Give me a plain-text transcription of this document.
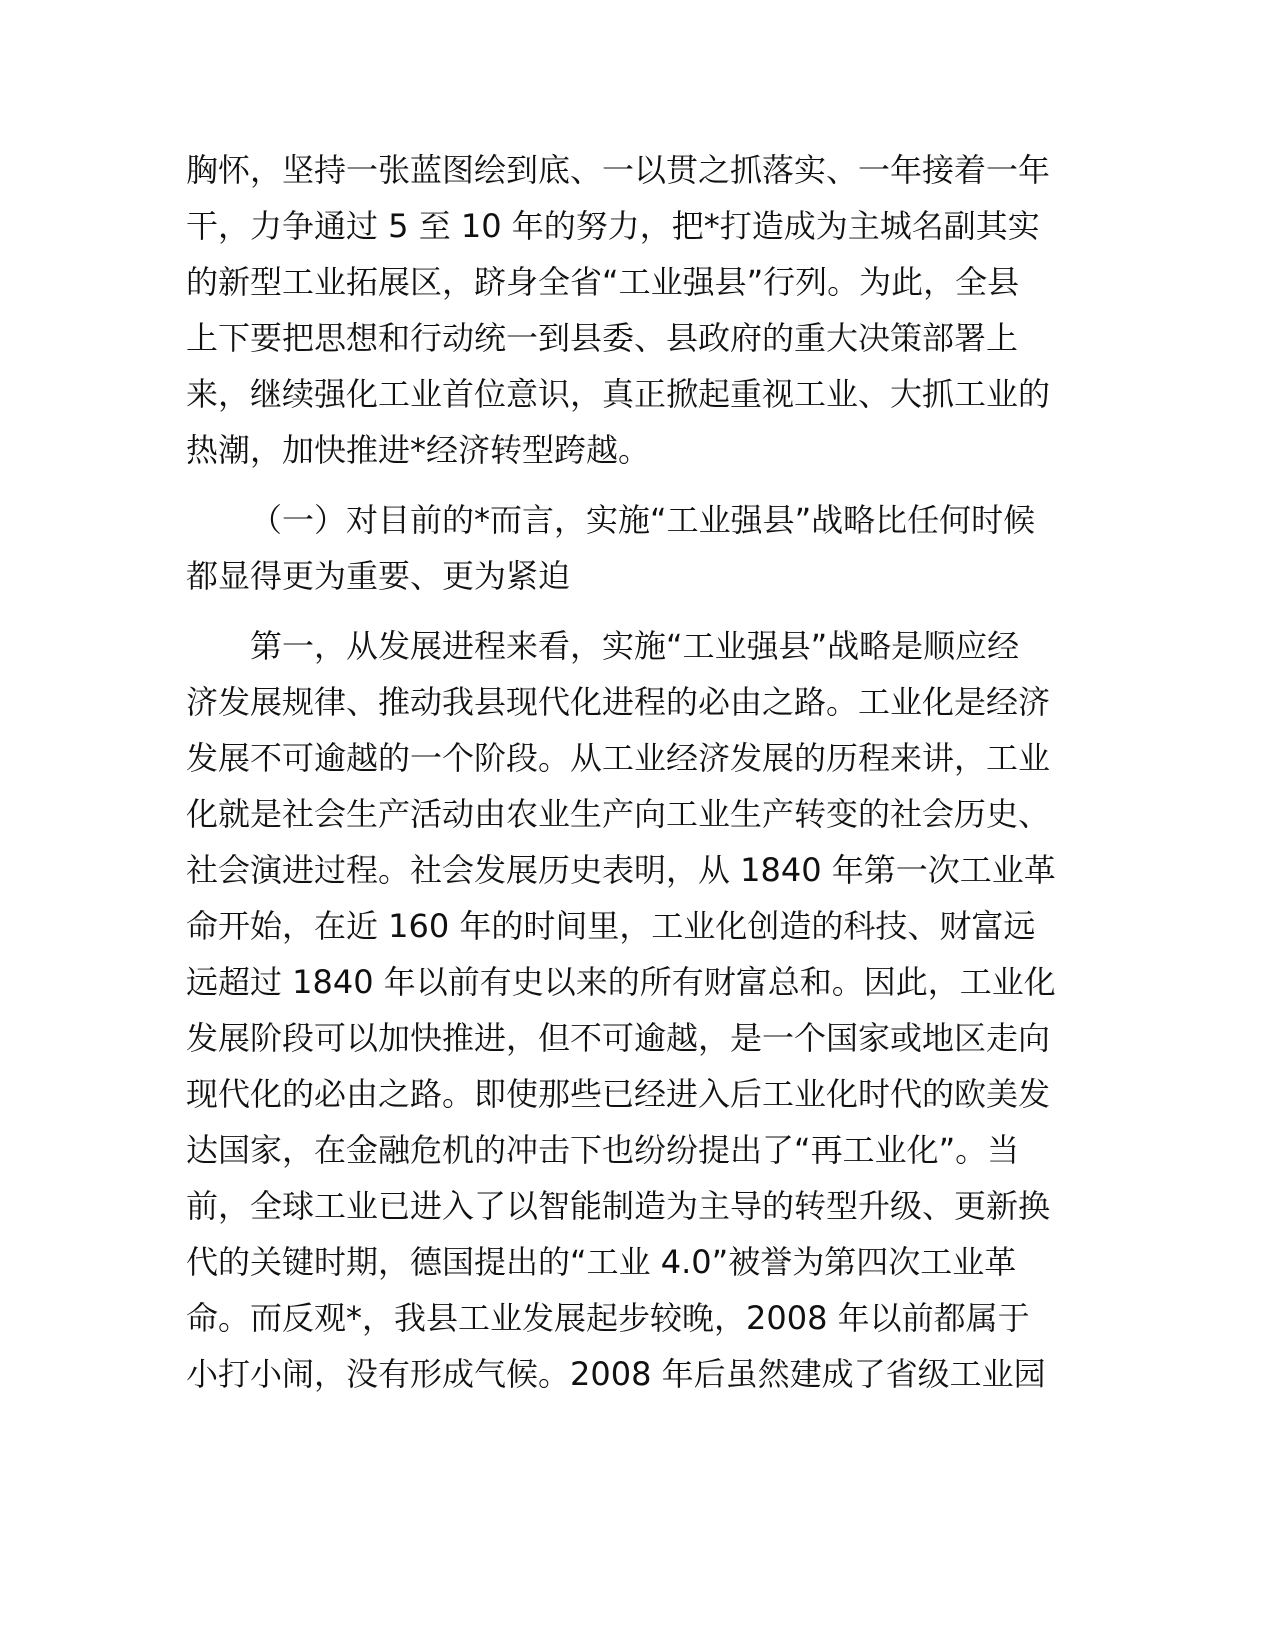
胸怀，坚持一张蓝图绘到底、一以贯之抓落实、一年接着一年
干，力争通过 5 至 10 年的努力，把*打造成为主城名副其实
的新型工业拓展区，跻身全省“工业强县”行列。为此，全县
上下要把思想和行动统一到县委、县政府的重大决策部署上
来，继续强化工业首位意识，真正掀起重视工业、大抓工业的
热潮，加快推进*经济转型跨越。
（一）对目前的*而言，实施“工业强县”战略比任何时候
都显得更为重要、更为紧迫
第一，从发展进程来看，实施“工业强县”战略是顺应经
济发展规律、推动我县现代化进程的必由之路。工业化是经济
发展不可逾越的一个阶段。从工业经济发展的历程来讲，工业
化就是社会生产活动由农业生产向工业生产转变的社会历史、
社会演进过程。社会发展历史表明，从 1840 年第一次工业革
命开始，在近 160 年的时间里，工业化创造的科技、财富远
远超过 1840 年以前有史以来的所有财富总和。因此，工业化
发展阶段可以加快推进，但不可逾越，是一个国家或地区走向
现代化的必由之路。即使那些已经进入后工业化时代的欧美发
达国家，在金融危机的冲击下也纷纷提出了“再工业化”。当
前，全球工业已进入了以智能制造为主导的转型升级、更新换
代的关键时期，德国提出的“工业 4.0”被誉为第四次工业革
命。而反观*，我县工业发展起步较晚，2008 年以前都属于
小打小闹，没有形成气候。2008 年后虽然建成了省级工业园
